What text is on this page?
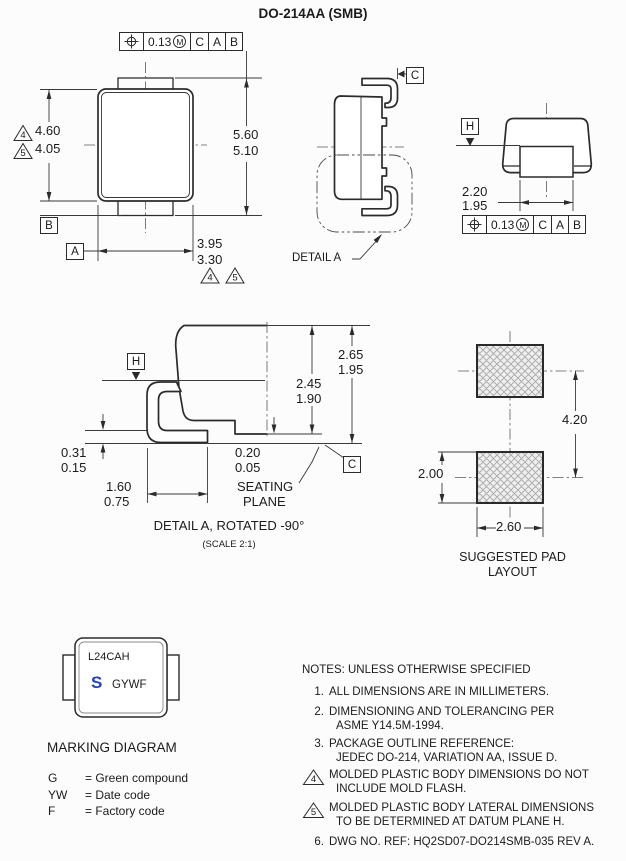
4
5
4 5
DO-214AA (SMB)
0.13 M C A B
0.13 M C A B
A
B
C
C
H
H
4.60
4.05
5.60
5.10
3.95
3.30	DETAIL A
2.20
1.95
2.65
1.95
2.45
1.90
0.31
0.15
0.20
0.05
1.60
0.75
SEATING
PLANE
DETAIL A, ROTATED -90°
(SCALE 2:1)
4.20
2.00
2.60
SUGGESTED PAD
LAYOUT
L24CAH
S GYWF
MARKING DIAGRAM
G = Green compound
YW = Date code
F = Factory code
NOTES: UNLESS OTHERWISE SPECIFIED
1. ALL DIMENSIONS ARE IN MILLIMETERS.
2. DIMENSIONING AND TOLERANCING PER
ASME Y14.5M-1994.
3. PACKAGE OUTLINE REFERENCE:
JEDEC DO-214, VARIATION AA, ISSUE D.
4 MOLDED PLASTIC BODY DIMENSIONS DO NOT
INCLUDE MOLD FLASH.
5 MOLDED PLASTIC BODY LATERAL DIMENSIONS
TO BE DETERMINED AT DATUM PLANE H.
6. DWG NO. REF: HQ2SD07-DO214SMB-035 REV A.
